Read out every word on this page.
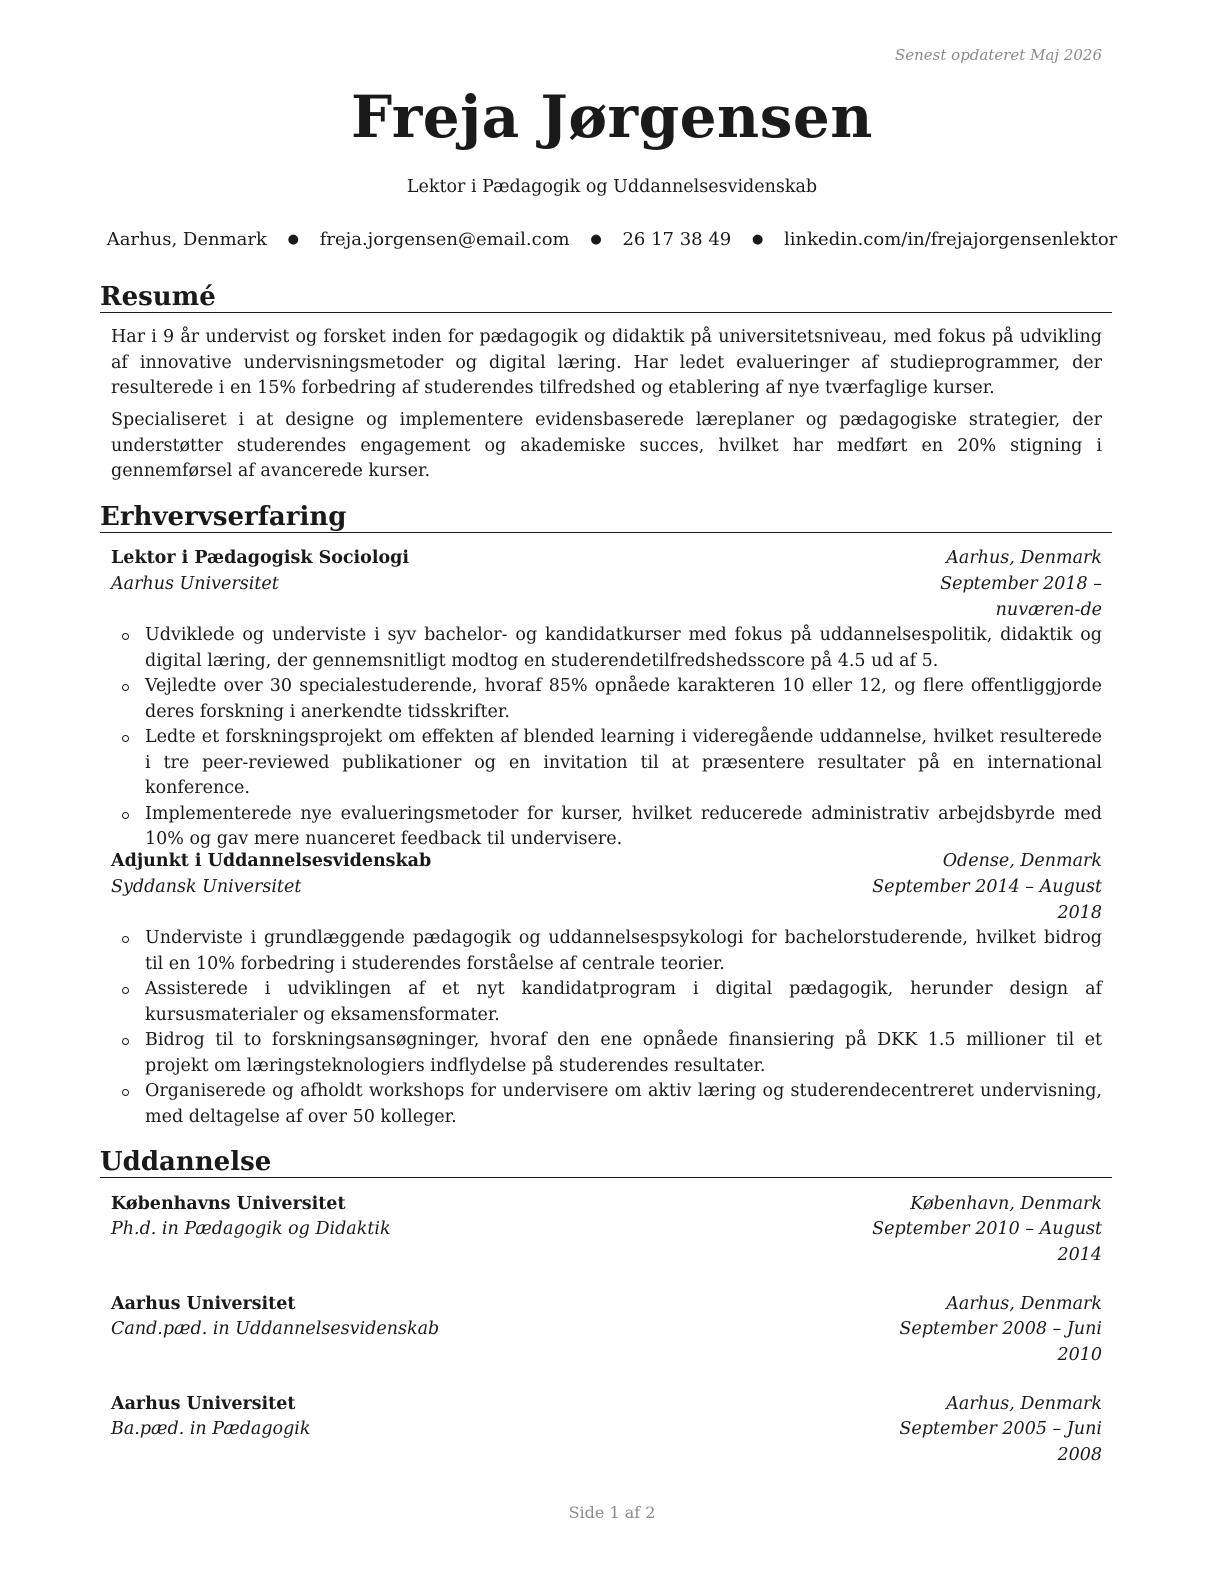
Senest opdateret Maj 2026
Freja Jørgensen
Lektor i Pædagogik og Uddannelsesvidenskab
Aarhus, Denmark ● freja.jorgensen@email.com ● 26 17 38 49 ● linkedin.com/in/frejajorgensenlektor
Resumé

Har i 9 år undervist og forsket inden for pædagogik og didaktik på universitetsniveau, med fokus på udvikling af innovative undervisningsmetoder og digital læring. Har ledet evalueringer af studieprogrammer, der resulterede i en 15% forbedring af studerendes tilfredshed og etablering af nye tværfaglige kurser.

Specialiseret i at designe og implementere evidensbaserede læreplaner og pædagogiske strategier, der understøtter studerendes engagement og akademiske succes, hvilket har medført en 20% stigning i gennemførsel af avancerede kurser.

Erhvervserfaring
Lektor i Pædagogisk Sociologi	Aarhus, Denmark
Aarhus Universitet	September 2018 – nuværen-de
Udviklede og underviste i syv bachelor- og kandidatkurser med fokus på uddannelsespolitik, didaktik og digital læring, der gennemsnitligt modtog en studerendetilfredshedsscore på 4.5 ud af 5.
Vejledte over 30 specialestuderende, hvoraf 85% opnåede karakteren 10 eller 12, og flere offentliggjorde deres forskning i anerkendte tidsskrifter.
Ledte et forskningsprojekt om effekten af blended learning i videregående uddannelse, hvilket resulterede i tre peer-reviewed publikationer og en invitation til at præsentere resultater på en international konference.
Implementerede nye evalueringsmetoder for kurser, hvilket reducerede administrativ arbejdsbyrde med 10% og gav mere nuanceret feedback til undervisere.
Adjunkt i Uddannelsesvidenskab	Odense, Denmark
Syddansk Universitet	September 2014 – August 2018
Underviste i grundlæggende pædagogik og uddannelsespsykologi for bachelorstuderende, hvilket bidrog til en 10% forbedring i studerendes forståelse af centrale teorier.
Assisterede i udviklingen af et nyt kandidatprogram i digital pædagogik, herunder design af kursusmaterialer og eksamensformater.
Bidrog til to forskningsansøgninger, hvoraf den ene opnåede finansiering på DKK 1.5 millioner til et projekt om læringsteknologiers indflydelse på studerendes resultater.
Organiserede og afholdt workshops for undervisere om aktiv læring og studerendecentreret undervisning, med deltagelse af over 50 kolleger.
Uddannelse
Københavns Universitet	København, Denmark
Ph.d. in Pædagogik og Didaktik	September 2010 – August 2014
Aarhus Universitet	Aarhus, Denmark
Cand.pæd. in Uddannelsesvidenskab	September 2008 – Juni 2010
Aarhus Universitet	Aarhus, Denmark
Ba.pæd. in Pædagogik	September 2005 – Juni 2008
Side 1 af 2
